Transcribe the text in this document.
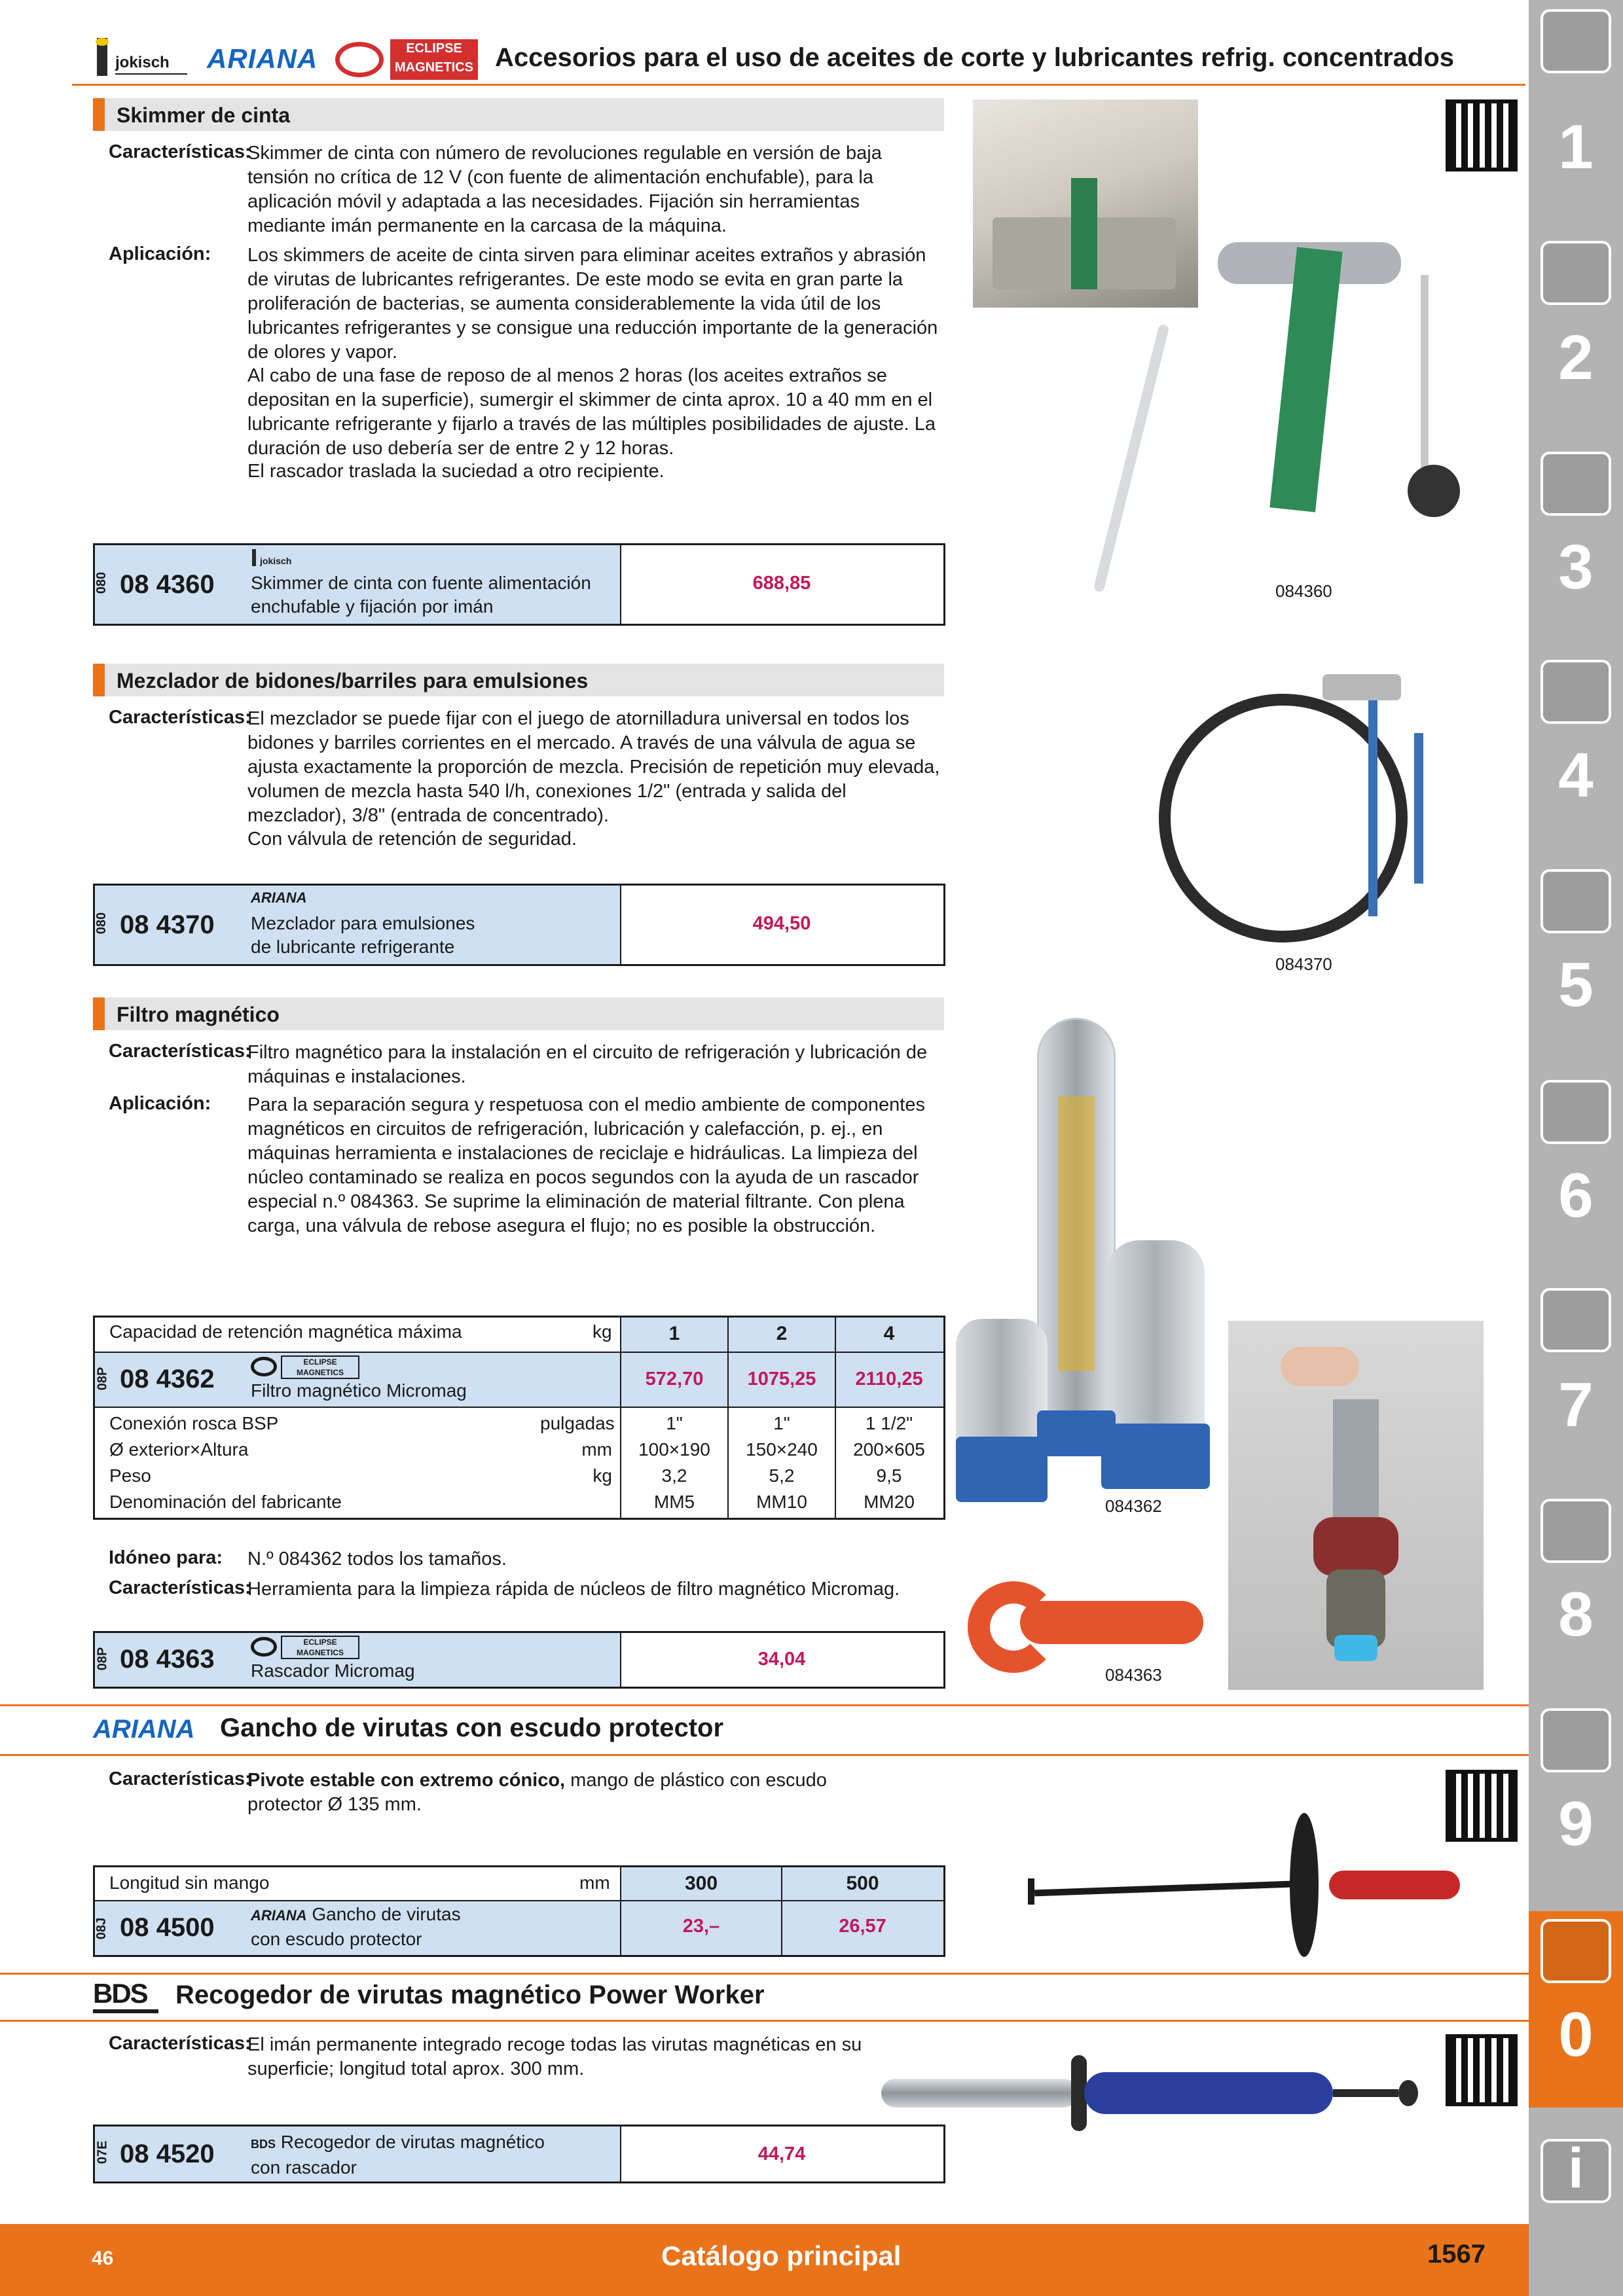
jokisch ARIANA	ECLIPSE MAGNETICS Accesorios para el uso de aceites de corte y lubricantes refrig. concentrados
Skimmer de cinta
Características:
Skimmer de cinta con número de revoluciones regulable en versión de baja tensión no crítica de 12 V (con fuente de alimentación enchufable), para la aplicación móvil y adaptada a las necesidades. Fijación sin herramientas mediante imán permanente en la carcasa de la máquina.
Aplicación: Los skimmers de aceite de cinta sirven para eliminar aceites extraños y abrasión de virutas de lubricantes refrigerantes. De este modo se evita en gran parte la proliferación de bacterias, se aumenta considerablemente la vida útil de los lubricantes refrigerantes y se consigue una reducción importante de la generación de olores y vapor.
Al cabo de una fase de reposo de al menos 2 horas (los aceites extraños se depositan en la superficie), sumergir el skimmer de cinta aprox. 10 a 40 mm en el lubricante refrigerante y fijarlo a través de las múltiples posibilidades de ajuste. La duración de uso debería ser de entre 2 y 12 horas.
El rascador traslada la suciedad a otro recipiente.
080 08 4360
jokisch
Skimmer de cinta con fuente alimentación
enchufable y fijación por imán
688,85	084360
Mezclador de bidones/barriles para emulsiones
Características:
El mezclador se puede fijar con el juego de atornilladura universal en todos los bidones y barriles corrientes en el mercado. A través de una válvula de agua se ajusta exactamente la proporción de mezcla. Precisión de repetición muy elevada, volumen de mezcla hasta 540 l/h, conexiones 1/2" (entrada y salida del mezclador), 3/8" (entrada de concentrado).
Con válvula de retención de seguridad.
080 08 4370
ARIANA
Mezclador para emulsiones
de lubricante refrigerante
494,50
084370
Filtro magnético
Características:
Filtro magnético para la instalación en el circuito de refrigeración y lubricación de máquinas e instalaciones.
Aplicación: Para la separación segura y respetuosa con el medio ambiente de componentes magnéticos en circuitos de refrigeración, lubricación y calefacción, p. ej., en máquinas herramienta e instalaciones de reciclaje e hidráulicas. La limpieza del núcleo contaminado se realiza en pocos segundos con la ayuda de un rascador especial n.º 084363. Se suprime la eliminación de material filtrante. Con plena carga, una válvula de rebose asegura el flujo; no es posible la obstrucción.
Capacidad de retención magnética máxima	kg	1	2	4
08P 08 4362
ECLIPSE MAGNETICS
Filtro magnético Micromag
572,70	1075,25	2110,25
Conexión rosca BSP	pulgadas	1"	1"	1 1/2"
Ø exterior×Altura	mm	100×190	150×240	200×605
Peso	kg	3,2	5,2	9,5
Denominación del fabricante	MM5	MM10	MM20	084362
Idóneo para: N.º 084362 todos los tamaños.
Características:
Herramienta para la limpieza rápida de núcleos de filtro magnético Micromag.
08P 08 4363
ECLIPSE MAGNETICS
Rascador Micromag
34,04
084363
ARIANA Gancho de virutas con escudo protector
Características:
Pivote estable con extremo cónico, mango de plástico con escudo protector Ø 135 mm.
Longitud sin mango	mm	300	500
08J 08 4500	ARIANA Gancho de virutas
con escudo protector
23,–	26,57
BDS Recogedor de virutas magnético Power Worker
Características:
El imán permanente integrado recoge todas las virutas magnéticas en su superficie; longitud total aprox. 300 mm.
07E 08 4520	BDS Recogedor de virutas magnético
con rascador
44,74
1
2
3
4
5
6
7
8
9
0
i
46	Catálogo principal	1567
